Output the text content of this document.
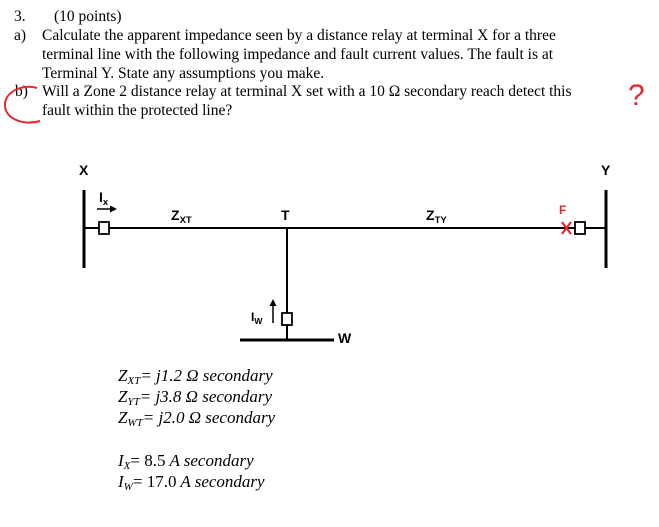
3. (10 points)
a) Calculate the apparent impedance seen by a distance relay at terminal X for a three
terminal line with the following impedance and fault current values. The fault is at
Terminal Y. State any assumptions you make.
b) Will a Zone 2 distance relay at terminal X set with a 10 Ω secondary reach detect this
fault within the protected line?	?
X	Y
$I_x$
$Z_{XT}$	T	$Z_{TY}$
F
$I_W$
W
ZXT= j1.2 Ω secondary
ZYT= j3.8 Ω secondary
ZWT= j2.0 Ω secondary
IX= 8.5 A secondary
IW= 17.0 A secondary
